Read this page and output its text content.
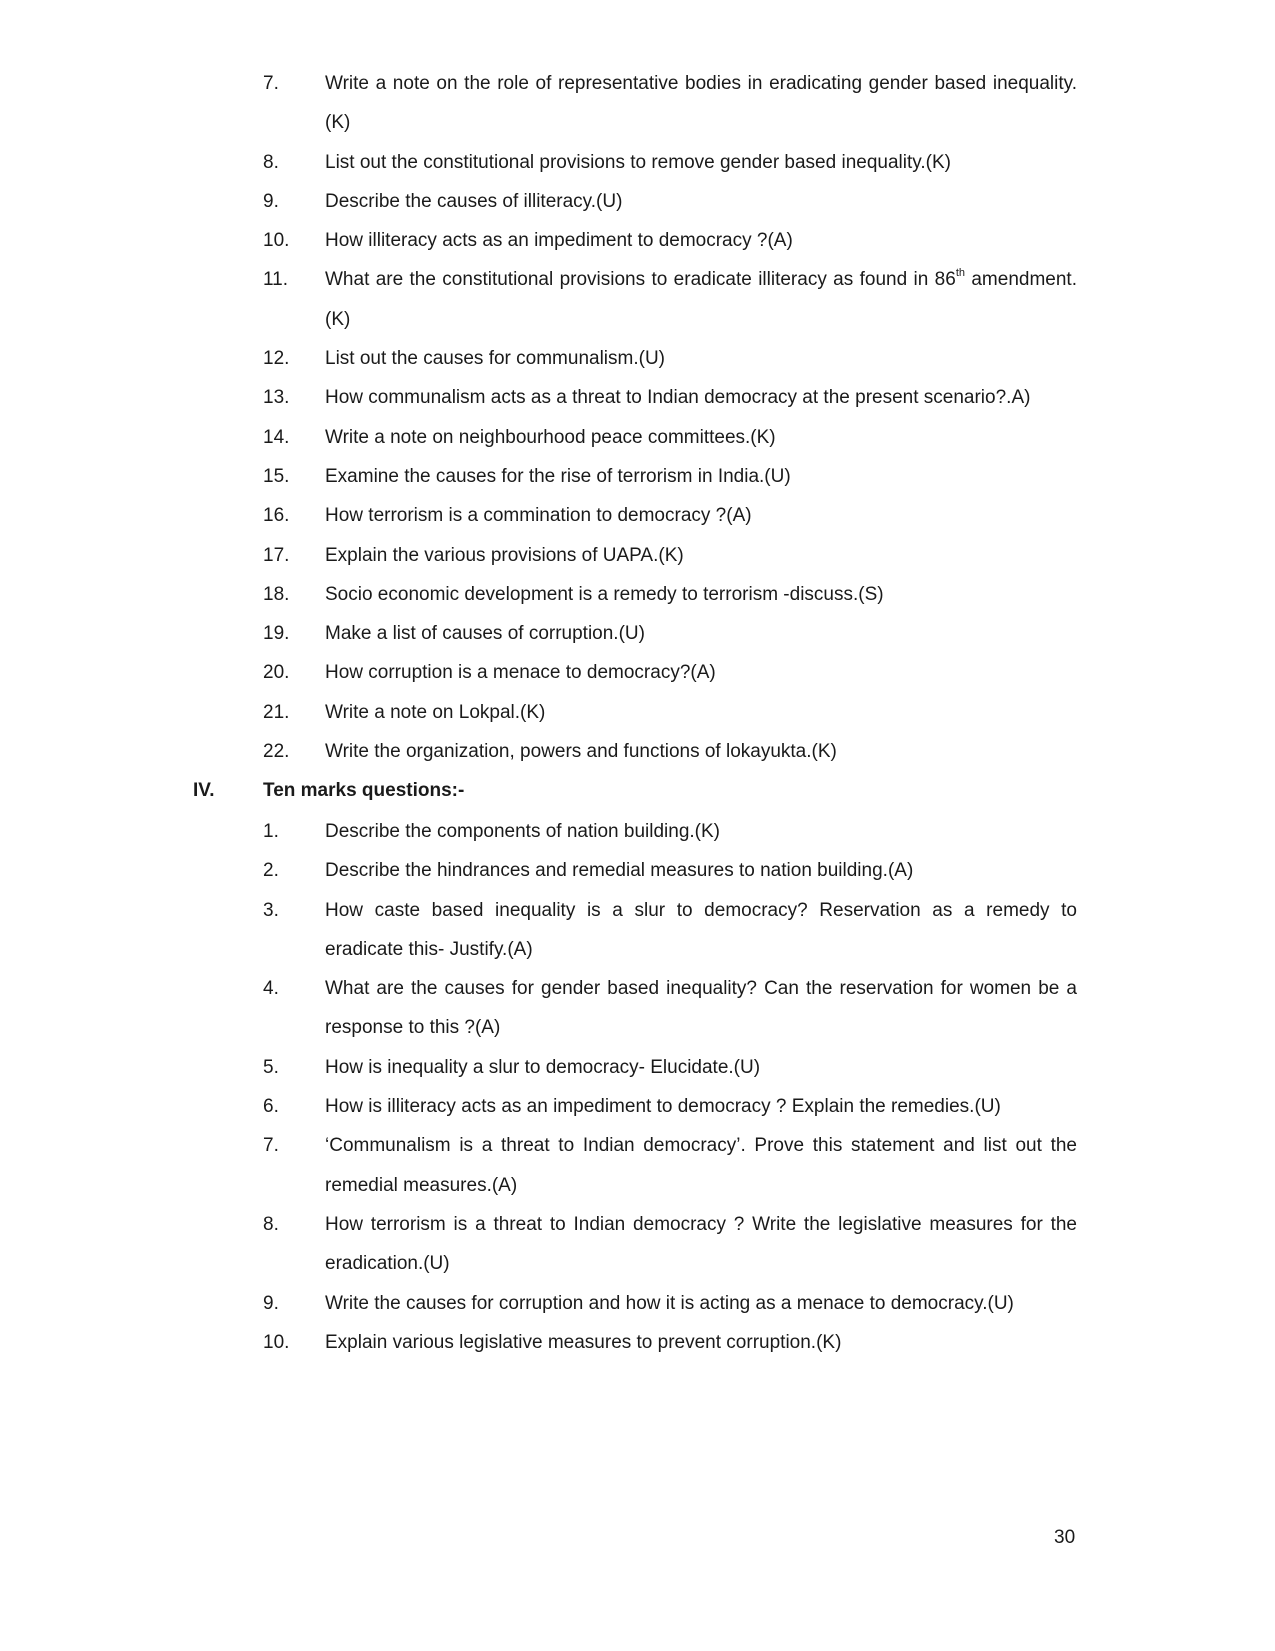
7. Write a note on the role of representative bodies in eradicating gender based inequality.(K)
8. List out the constitutional provisions to remove gender based inequality.(K)
9. Describe the causes of illiteracy.(U)
10. How illiteracy acts as an impediment to democracy ?(A)
11. What are the constitutional provisions to eradicate illiteracy as found in 86th amendment.(K)
12. List out the causes for communalism.(U)
13. How communalism acts as a threat to Indian democracy at the present scenario?.A)
14. Write a note on neighbourhood peace committees.(K)
15. Examine the causes for the rise of terrorism in India.(U)
16. How terrorism is a commination to democracy ?(A)
17. Explain the various provisions of UAPA.(K)
18. Socio economic development is a remedy to terrorism -discuss.(S)
19. Make a list of causes of corruption.(U)
20. How corruption is a menace to democracy?(A)
21. Write a note on Lokpal.(K)
22. Write the organization, powers and functions of lokayukta.(K)
IV.	Ten marks questions:-
1. Describe the components of nation building.(K)
2. Describe the hindrances and remedial measures to nation building.(A)
3. How caste based inequality is a slur to democracy? Reservation as a remedy to eradicate this- Justify.(A)
4. What are the causes for gender based inequality? Can the reservation for women be a response to this ?(A)
5. How is inequality a slur to democracy- Elucidate.(U)
6. How is illiteracy acts as an impediment to democracy ? Explain the remedies.(U)
7. ‘Communalism is a threat to Indian democracy’. Prove this statement and list out the remedial measures.(A)
8. How terrorism is a threat to Indian democracy ? Write the legislative measures for the eradication.(U)
9. Write the causes for corruption and how it is acting as a menace to democracy.(U)
10. Explain various legislative measures to prevent corruption.(K)
30
